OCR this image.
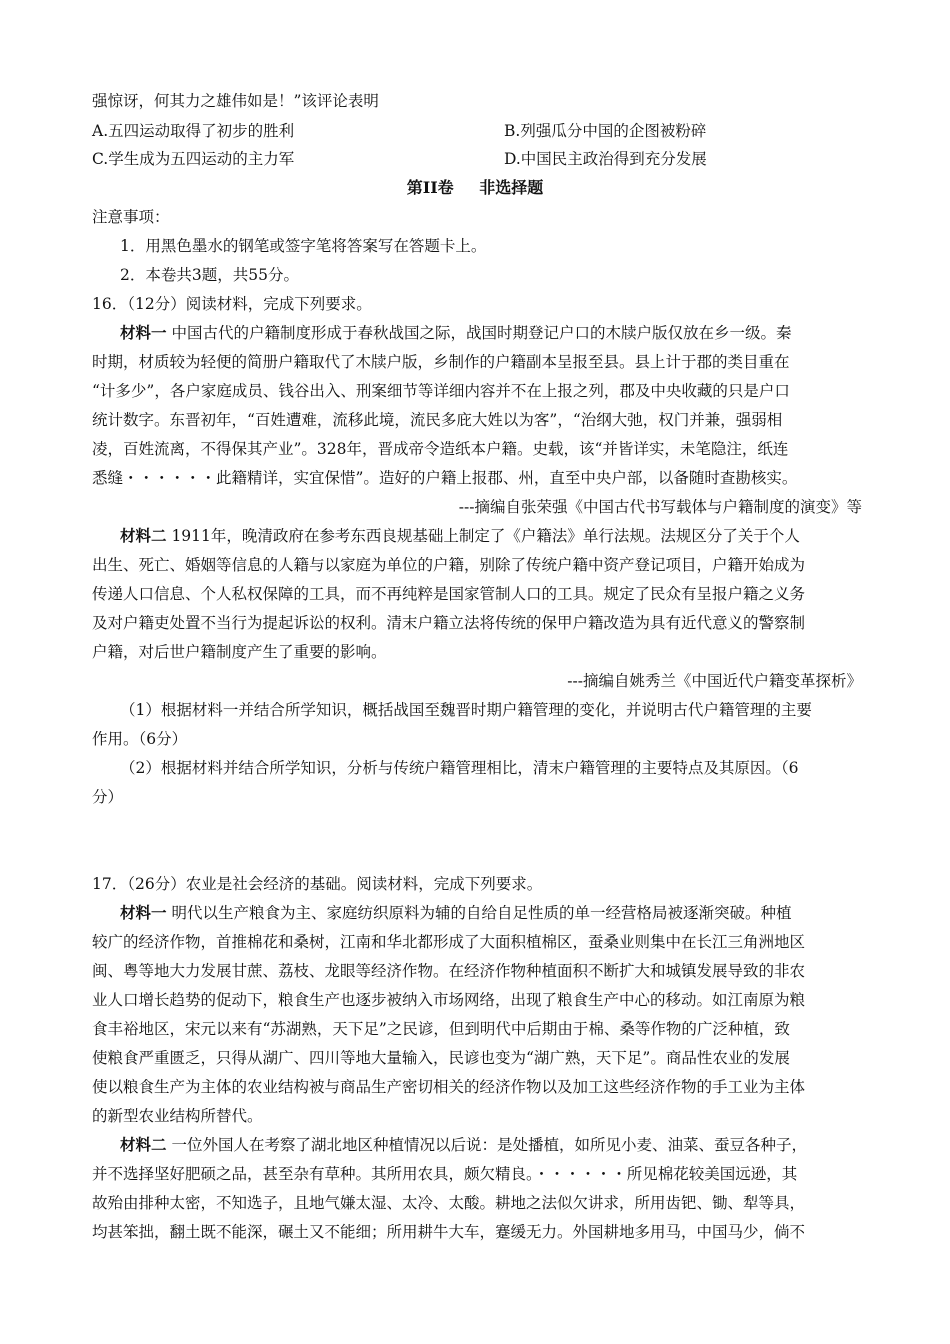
强惊讶，何其力之雄伟如是！”该评论表明
A.五四运动取得了初步的胜利	B.列强瓜分中国的企图被粉碎
C.学生成为五四运动的主力军	D.中国民主政治得到充分发展
第II卷 非选择题
注意事项：
1．用黑色墨水的钢笔或签字笔将答案写在答题卡上。
2．本卷共3题，共55分。
16．（12分）阅读材料，完成下列要求。
材料一 中国古代的户籍制度形成于春秋战国之际，战国时期登记户口的木牍户版仅放在乡一级。秦
时期，材质较为轻便的简册户籍取代了木牍户版，乡制作的户籍副本呈报至县。县上计于郡的类目重在
“计多少”，各户家庭成员、钱谷出入、刑案细节等详细内容并不在上报之列，郡及中央收藏的只是户口
统计数字。东晋初年，“百姓遭难，流移此境，流民多庇大姓以为客”，“治纲大弛，权门并兼，强弱相
凌，百姓流离，不得保其产业”。328年，晋成帝令造纸本户籍。史载，该“并皆详实，未笔隐注，纸连
悉缝・・・・・・此籍精详，实宜保惜”。造好的户籍上报郡、州，直至中央户部，以备随时查勘核实。
---摘编自张荣强《中国古代书写载体与户籍制度的演变》等
材料二 1911年，晚清政府在参考东西良规基础上制定了《户籍法》单行法规。法规区分了关于个人
出生、死亡、婚姻等信息的人籍与以家庭为单位的户籍，别除了传统户籍中资产登记项目，户籍开始成为
传递人口信息、个人私权保障的工具，而不再纯粹是国家管制人口的工具。规定了民众有呈报户籍之义务
及对户籍吏处置不当行为提起诉讼的权利。清末户籍立法将传统的保甲户籍改造为具有近代意义的警察制
户籍，对后世户籍制度产生了重要的影响。
---摘编自姚秀兰《中国近代户籍变革探析》
（1）根据材料一并结合所学知识，概括战国至魏晋时期户籍管理的变化，并说明古代户籍管理的主要
作用。（6分）
（2）根据材料并结合所学知识，分析与传统户籍管理相比，清末户籍管理的主要特点及其原因。（6
分）
17．（26分）农业是社会经济的基础。阅读材料，完成下列要求。
材料一 明代以生产粮食为主、家庭纺织原料为辅的自给自足性质的单一经营格局被逐渐突破。种植
较广的经济作物，首推棉花和桑树，江南和华北都形成了大面积植棉区，蚕桑业则集中在长江三角洲地区
闽、粤等地大力发展甘蔗、荔枝、龙眼等经济作物。在经济作物种植面积不断扩大和城镇发展导致的非农
业人口增长趋势的促动下，粮食生产也逐步被纳入市场网络，出现了粮食生产中心的移动。如江南原为粮
食丰裕地区，宋元以来有“苏湖熟，天下足”之民谚，但到明代中后期由于棉、桑等作物的广泛种植，致
使粮食严重匮乏，只得从湖广、四川等地大量输入，民谚也变为“湖广熟，天下足”。商品性农业的发展
使以粮食生产为主体的农业结构被与商品生产密切相关的经济作物以及加工这些经济作物的手工业为主体
的新型农业结构所替代。
材料二 一位外国人在考察了湖北地区种植情况以后说：是处播植，如所见小麦、油菜、蚕豆各种子，
并不选择坚好肥硕之品，甚至杂有草种。其所用农具，颇欠精良。・・・・・・所见棉花较美国远逊，其
故殆由排种太密，不知选子，且地气嫌太湿、太冷、太酸。耕地之法似欠讲求，所用齿钯、锄、犁等具，
均甚笨拙，翻土既不能深，碾土又不能细；所用耕牛大车，蹇缓无力。外国耕地多用马，中国马少，倘不
